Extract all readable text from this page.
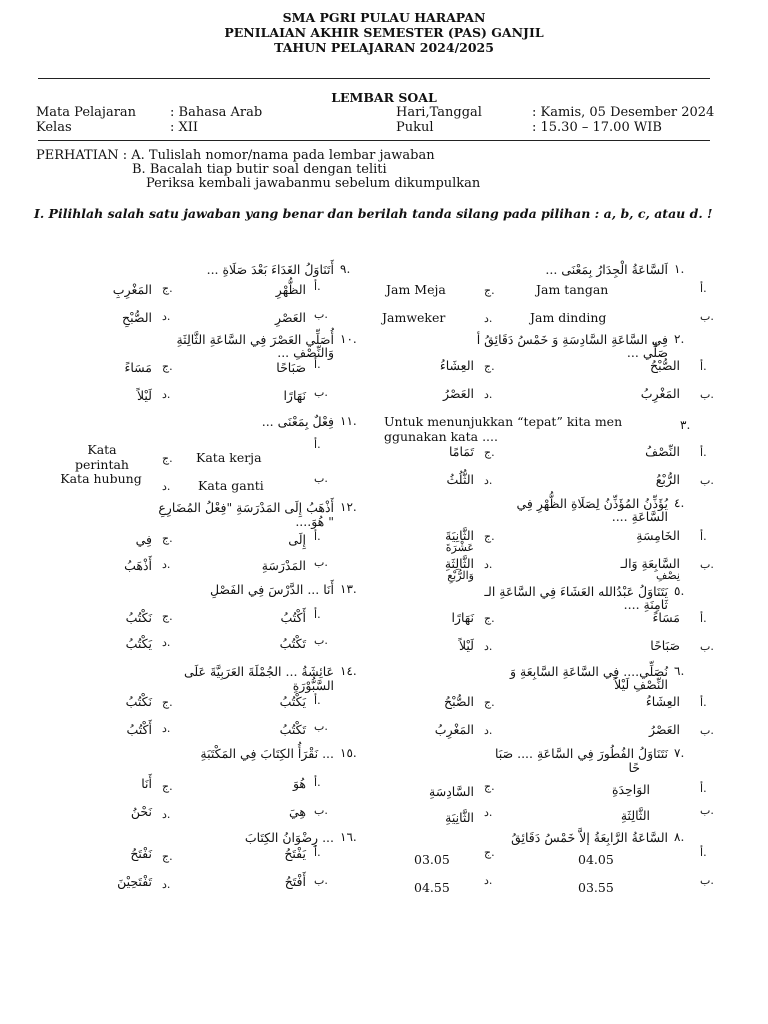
SMA PGRI PULAU HARAPAN
PENILAIAN AKHIR SEMESTER (PAS) GANJIL
TAHUN PELAJARAN 2024/2025
LEMBAR SOAL
Mata Pelajaran	: Bahasa Arab	Hari,Tanggal	: Kamis, 05 Desember 2024
Kelas	: XII	Pukul	: 15.30 – 17.00 WIB
PERHATIAN : A. Tulislah nomor/nama pada lembar jawaban
B. Bacalah tiap butir soal dengan teliti
Periksa kembali jawabanmu sebelum dikumpulkan
I. Pilihlah salah satu jawaban yang benar dan berilah tanda silang pada pilihan : a, b, c, atau d. !
١.
اَلسَّاعَةُ الْجِدَارُ بِمَعْنَى ...
أ.
Jam tangan
ج.
Jam Meja
ب.
Jam dinding
د.
Jamweker
٢.
فِي السَّاعَةِ السَّادِسَةِ وَ خَمْسُ دَقَائِقُ أ
صَلِّي ...
أ.
الصُّبْحُ
ج.
العِشَاءُ
ب.
المَغْرِبُ
د.
العَصْرُ
٣.
Untuk menunjukkan “tepat” kita men
ggunakan kata ....
أ.
النِّصْفُ
ج.
تَمَامًا
ب.
الرُّبْعُ
د.
الثُّلُثُ
٤.
يُؤَذِّنُ المُؤَذِّنُ لِصَلَاةِ الظُّهْرِ فِي
السَّاعَةِ ....
أ.
الخَامِسَةِ
ج.
الثَّانِيَةَ
عَشْرَةَ
ب.
السَّابِعَةِ وَالـ
نِصْفِ
د.
الثَّالِثَةِ
وَالرُّبْعِ
٥.
يَتَنَاوَلُ عَبْدُالله العَشَاءَ فِي السَّاعَةِ الـ
ثَامِنَةِ ....
أ.
مَسَاءً
ج.
نَهَارًا
ب.
صَبَاحًا
د.
لَيْلاً
٦.
نُصَلِّي.... فِي السَّاعَةِ السَّابِعَةِ وَ
النِّصْفِ لَيْلاً
أ.
العِشَاءُ
ج.
الصُّبْحُ
ب.
العَصْرُ
د.
المَغْرِبُ
٧.
نَتَنَاوَلُ الفُطُورَ فِي السَّاعَةِ .... صَبَا
حًا
أ.
الوَاحِدَةِ
ج.
السَّادِسَةِ
ب.
الثَّالِثَةِ
د.
الثَّانِيَةِ
٨.
السَّاعَةُ الرَّابِعَةُ إلاَّ خَمْسُ دَقَائِقُ
أ.
04.05
ج.
03.05
ب.
03.55
د.
04.55
٩.
أَتَنَاوَلُ الغَدَاءَ بَعْدَ صَلَاةِ ...
أ.
الظُّهْرِ
ج.
المَغْرِبِ
ب.
العَصْرِ
د.
الصُّبْحِ
١٠.
أُصَلِّي العَصْرَ فِي السَّاعَةِ الثَّالِثَةِ
وَالنِّصْفِ ...
أ.
صَبَاحًا
ج.
مَسَاءً
ب.
نَهَارًا
د.
لَيْلاً
١١.
فِعْلٌ بِمَعْنَى ...
أ.
Kata kerja
ج.
Kata perintah
ب.
Kata ganti
د.
Kata hubung
١٢.
أَذْهَبُ إِلَى المَدْرَسَةِ "فِعْلُ المُضَارِعِ
" هُوَ....
أ.
إِلَى
ج.
فِي
ب.
المَدْرَسَةِ
د.
أَذْهَبُ
١٣.
أَنَا ... الدَّرْسَ فِي الفَصْلِ
أ.
أَكْتُبُ
ج.
نَكْتُبُ
ب.
تَكْتُبُ
د.
يَكْتُبُ
١٤.
عَائِشَةُ ... الجُمْلَةَ العَرَبِيَّةَ عَلَى
السَّبُّوْرَةِ
أ.
يَكْتُبُ
ج.
نَكْتُبُ
ب.
تَكْتُبُ
د.
أَكْتُبُ
١٥.
... نَقْرَأُ الكِتَابَ فِي المَكْتَبَةِ
أ.
هُوَ
ج.
أَنَا
ب.
هِيَ
د.
نَحْنُ
١٦.
... رِضْوَانُ الكِتَابَ
أ.
يَفْتَحُ
ج.
نَفْتَحُ
ب.
أَفْتَحُ
د.
تَفْتَحِيْنَ
